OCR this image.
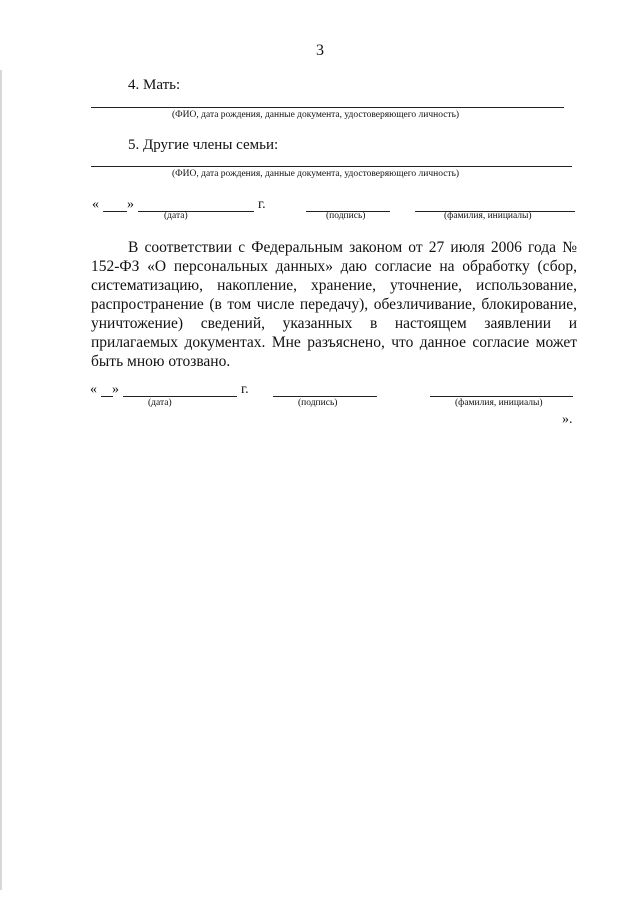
3
4. Мать:
(ФИО, дата рождения, данные документа, удостоверяющего личность)
5. Другие члены семьи:
(ФИО, дата рождения, данные документа, удостоверяющего личность)
« »	г.
(дата)	(подпись)	(фамилия, инициалы)
В соответствии с Федеральным законом от 27 июля 2006 года № 152-ФЗ «О персональных данных» даю согласие на обработку (сбор, систематизацию, накопление, хранение, уточнение, использование, распространение (в том числе передачу), обезличивание, блокирование, уничтожение) сведений, указанных в настоящем заявлении и прилагаемых документах. Мне разъяснено, что данное согласие может быть мною отозвано.
« »	г.
(дата)	(подпись)	(фамилия, инициалы)
».
